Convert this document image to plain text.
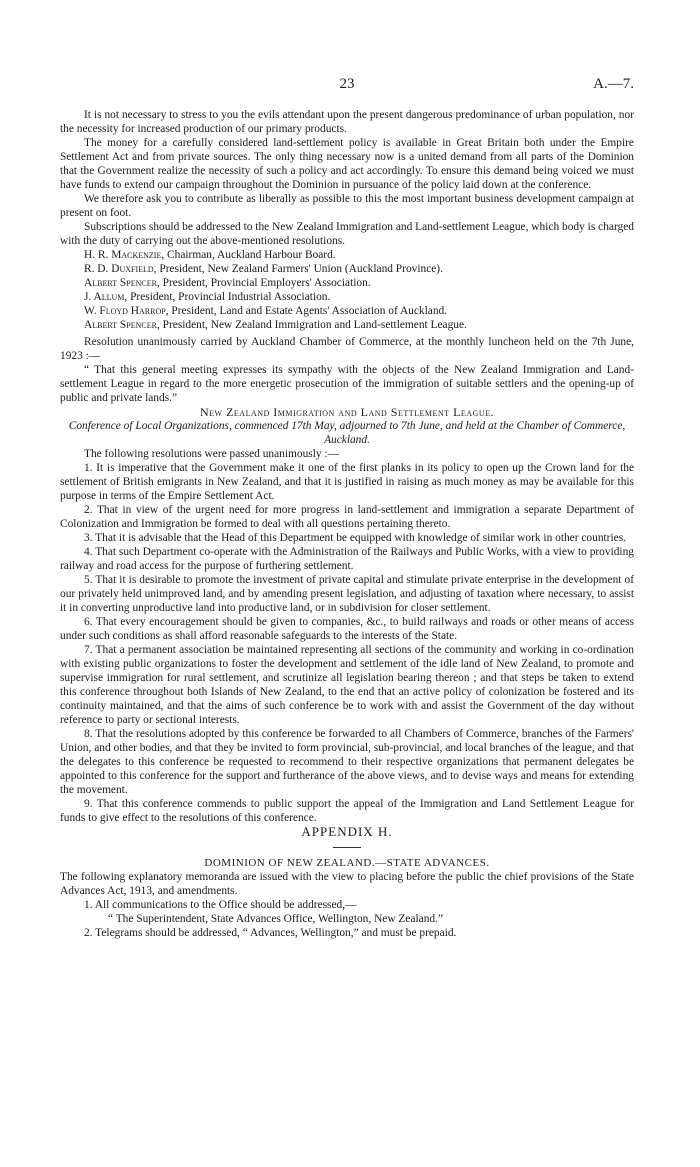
23	A.—7.

It is not necessary to stress to you the evils attendant upon the present dangerous predominance of urban population, nor the necessity for increased production of our primary products.

The money for a carefully considered land-settlement policy is available in Great Britain both under the Empire Settlement Act and from private sources. The only thing necessary now is a united demand from all parts of the Dominion that the Government realize the necessity of such a policy and act accordingly. To ensure this demand being voiced we must have funds to extend our campaign throughout the Dominion in pursuance of the policy laid down at the conference.

We therefore ask you to contribute as liberally as possible to this the most important business development campaign at present on foot.

Subscriptions should be addressed to the New Zealand Immigration and Land-settlement League, which body is charged with the duty of carrying out the above-mentioned resolutions.

H. R. Mackenzie, Chairman, Auckland Harbour Board.

R. D. Duxfield, President, New Zealand Farmers' Union (Auckland Province).

Albert Spencer, President, Provincial Employers' Association.

J. Allum, President, Provincial Industrial Association.

W. Floyd Harrop, President, Land and Estate Agents' Association of Auckland.

Albert Spencer, President, New Zealand Immigration and Land-settlement League.

Resolution unanimously carried by Auckland Chamber of Commerce, at the monthly luncheon held on the 7th June, 1923 :—

“ That this general meeting expresses its sympathy with the objects of the New Zealand Immigration and Land-settlement League in regard to the more energetic prosecution of the immigration of suitable settlers and the opening-up of public and private lands.”

New Zealand Immigration and Land Settlement League.

Conference of Local Organizations, commenced 17th May, adjourned to 7th June, and held at the Chamber of Commerce, Auckland.

The following resolutions were passed unanimously :—

1. It is imperative that the Government make it one of the first planks in its policy to open up the Crown land for the settlement of British emigrants in New Zealand, and that it is justified in raising as much money as may be available for this purpose in terms of the Empire Settlement Act.

2. That in view of the urgent need for more progress in land-settlement and immigration a separate Department of Colonization and Immigration be formed to deal with all questions pertaining thereto.

3. That it is advisable that the Head of this Department be equipped with knowledge of similar work in other countries.

4. That such Department co-operate with the Administration of the Railways and Public Works, with a view to providing railway and road access for the purpose of furthering settlement.

5. That it is desirable to promote the investment of private capital and stimulate private enterprise in the development of our privately held unimproved land, and by amending present legislation, and adjusting of taxation where necessary, to assist it in converting unproductive land into productive land, or in subdivision for closer settlement.

6. That every encouragement should be given to companies, &c., to build railways and roads or other means of access under such conditions as shall afford reasonable safeguards to the interests of the State.

7. That a permanent association be maintained representing all sections of the community and working in co-ordination with existing public organizations to foster the development and settlement of the idle land of New Zealand, to promote and supervise immigration for rural settlement, and scrutinize all legislation bearing thereon ; and that steps be taken to extend this conference throughout both Islands of New Zealand, to the end that an active policy of colonization be fostered and its continuity maintained, and that the aims of such conference be to work with and assist the Government of the day without reference to party or sectional interests.

8. That the resolutions adopted by this conference be forwarded to all Chambers of Commerce, branches of the Farmers' Union, and other bodies, and that they be invited to form provincial, sub-provincial, and local branches of the league, and that the delegates to this conference be requested to recommend to their respective organizations that permanent delegates be appointed to this conference for the support and furtherance of the above views, and to devise ways and means for extending the movement.

9. That this conference commends to public support the appeal of the Immigration and Land Settlement League for funds to give effect to the resolutions of this conference.

APPENDIX H.

DOMINION OF NEW ZEALAND.—STATE ADVANCES.

The following explanatory memoranda are issued with the view to placing before the public the chief provisions of the State Advances Act, 1913, and amendments.

1. All communications to the Office should be addressed,—

“ The Superintendent, State Advances Office, Wellington, New Zealand.”

2. Telegrams should be addressed, “ Advances, Wellington,” and must be prepaid.
